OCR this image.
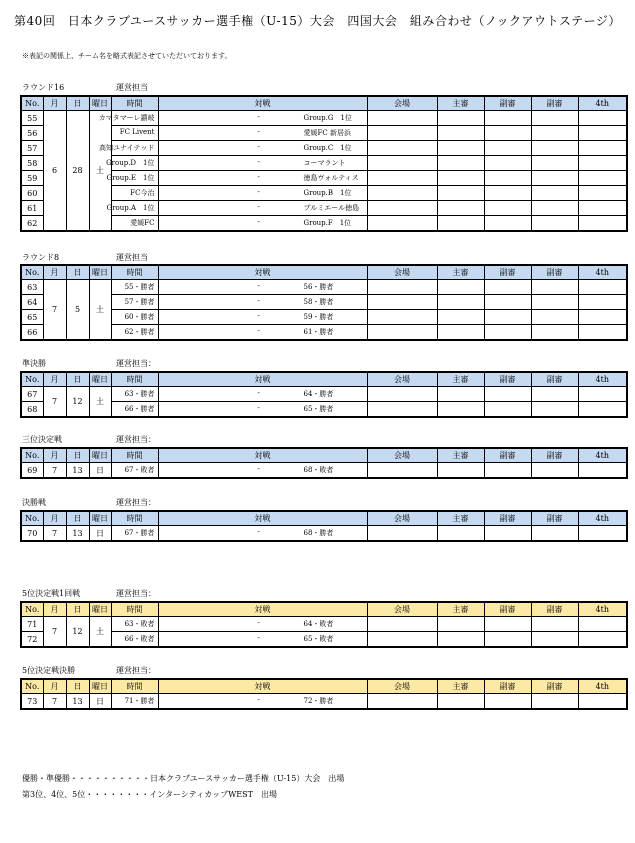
第40回　日本クラブユースサッカー選手権（U-15）大会　四国大会　組み合わせ（ノックアウトステージ）
※表記の関係上、チーム名を略式表記させていただいております。
ラウンド16	運営担当
No.	月	日	曜日	時間	対戦	会場	主審	副審	副審	4th
55	6	28	土		カマタマーレ讃岐 - Group.G　1位					

56					FC Livent - 愛媛FC 新居浜					

57					高知ユナイテッド - Group.C　1位					

58					Group.D　1位 - コーマラント					

59					Group.E　1位 - 徳島ヴォルティス					

60					FC今治 - Group.B　1位					

61					Group.A　1位 - ブルミエール徳島					

62					愛媛FC - Group.F　1位					

ラウンド8	運営担当
No.	月	日	曜日	時間	対戦	会場	主審	副審	副審	4th
63	7	5	土		55・勝者 - 56・勝者					

64					57・勝者 - 58・勝者					

65					60・勝者 - 59・勝者					

66					62・勝者 - 61・勝者					

準決勝	運営担当：
No.	月	日	曜日	時間	対戦	会場	主審	副審	副審	4th
67	7	12	土		63・勝者 - 64・勝者					

68					66・勝者 - 65・勝者					

三位決定戦	運営担当：
No.	月	日	曜日	時間	対戦	会場	主審	副審	副審	4th
69	7	13	日		67・敗者 - 68・敗者					

決勝戦	運営担当：
No.	月	日	曜日	時間	対戦	会場	主審	副審	副審	4th
70	7	13	日		67・勝者 - 68・勝者					

5位決定戦1回戦	運営担当：
No.	月	日	曜日	時間	対戦	会場	主審	副審	副審	4th
71	7	12	土		63・敗者 - 64・敗者					

72					66・敗者 - 65・敗者					

5位決定戦決勝	運営担当：
No.	月	日	曜日	時間	対戦	会場	主審	副審	副審	4th
73	7	13	日		71・勝者 - 72・勝者					

優勝・準優勝・・・・・・・・・・日本クラブユースサッカー選手権（U-15）大会　出場
第3位、4位、5位・・・・・・・・インターシティカップWEST　出場
